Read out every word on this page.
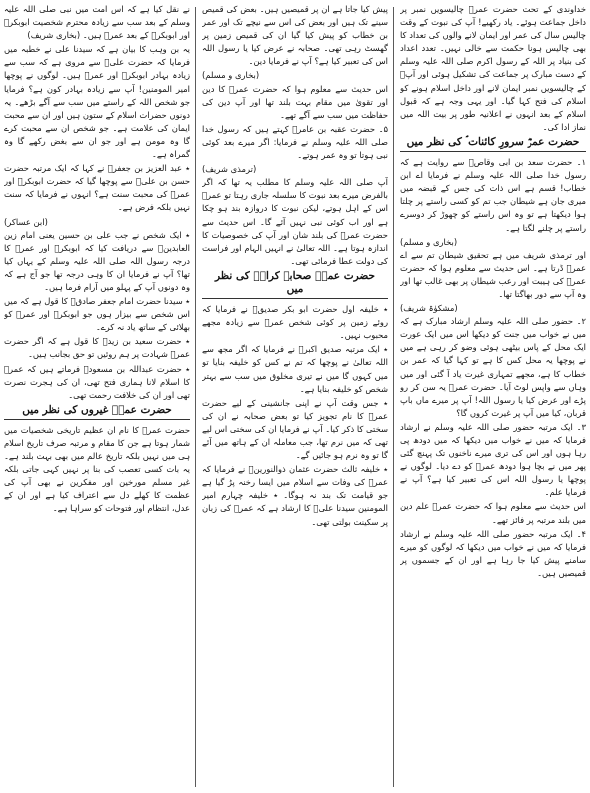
خداوندی کے تحت حضرت عمرؓ چالیسویں نمبر پر داخل جماعت ہوئے۔ یاد رکھیے! آپ کی نبوت کے وقت چالیس سال کی عمر اور ایمان لانے والوں کی تعداد کا بھی چالیس ہونا حکمت سے خالی نہیں۔ تعدد اعداد کی بنیاد پر اللہ کے رسول اکرم صلی اللہ علیہ وسلم کے دست مبارک پر جماعت کی تشکیل ہوئی اور آپؐ کے چالیسویں نمبر ایمان لانے اور داخل اسلام ہونے کو اسلام کی فتح کہا گیا۔ اور یہی وجہ ہے کہ قبول اسلام کے بعد انہوں نے اعلانیہ طور پر بیت اللہ میں نماز ادا کی۔

حضرت عمرؓ سرورِ کائنات ؐ کی نظر میں

۱۔ حضرت سعد بن ابی وقاصؓ سے روایت ہے کہ رسول خدا صلی اللہ علیہ وسلم نے فرمایا اے ابن خطاب! قسم ہے اس ذات کی جس کے قبضہ میں میری جان ہے شیطان جب تم کو کسی راستے پر چلتا ہوا دیکھتا ہے تو وہ اس راستے کو چھوڑ کر دوسرے راستے پر چلنے لگتا ہے۔

(بخاری و مسلم)

اور ترمذی شریف میں ہے تحقیق شیطان تم سے اے عمرؓ ڈرتا ہے۔ اس حدیث سے معلوم ہوا کہ حضرت عمرؓ کی ہیبت اور رعب شیطان پر بھی غالب تھا اور وہ آپ سے دور بھاگتا تھا۔

(مشکوٰۃ شریف)

۲۔ حضور صلی اللہ علیہ وسلم ارشاد مبارک ہے کہ میں نے خواب میں جنت کو دیکھا اس میں ایک عورت ایک محل کے پاس بیٹھی ہوئی وضو کر رہی ہے میں نے پوچھا یہ محل کس کا ہے تو کہا گیا کہ عمر بن خطاب کا ہے، مجھے تمہاری غیرت یاد آ گئی اور میں وہاں سے واپس لوٹ آیا۔ حضرت عمرؓ یہ سن کر رو پڑے اور عرض کیا یا رسول اللہ! آپ پر میرے ماں باپ قربان، کیا میں آپ پر غیرت کروں گا؟

۳۔ ایک مرتبہ حضور صلی اللہ علیہ وسلم نے ارشاد فرمایا کہ میں نے خواب میں دیکھا کہ میں دودھ پی رہا ہوں اور اس کی تری میرے ناخنوں تک پہنچ گئی پھر میں نے بچا ہوا دودھ عمرؓ کو دے دیا۔ لوگوں نے پوچھا یا رسول اللہ اس کی تعبیر کیا ہے؟ آپ نے فرمایا علم۔

اس حدیث سے معلوم ہوا کہ حضرت عمرؓ علم دین میں بلند مرتبہ پر فائز تھے۔

۴۔ ایک مرتبہ حضور صلی اللہ علیہ وسلم نے ارشاد فرمایا کہ میں نے خواب میں دیکھا کہ لوگوں کو میرے سامنے پیش کیا جا رہا ہے اور ان کے جسموں پر قمیصیں ہیں۔

پیش کیا جاتا ہے ان پر قمیصیں ہیں۔ بعض کی قمیص سینے تک ہیں اور بعض کی اس سے نیچے تک اور عمر بن خطاب کو پیش کیا گیا ان کی قمیص زمین پر گھسٹ رہی تھی۔ صحابہ نے عرض کیا یا رسول اللہ اس کی تعبیر کیا ہے؟ آپ نے فرمایا دین۔

(بخاری و مسلم)

اس حدیث سے معلوم ہوا کہ حضرت عمرؓ کا دین اور تقویٰ میں مقام بہت بلند تھا اور آپ دین کی حفاظت میں سب سے آگے تھے۔

۵۔ حضرت عقبہ بن عامرؓ کہتے ہیں کہ رسول خدا صلی اللہ علیہ وسلم نے فرمایا: اگر میرے بعد کوئی نبی ہوتا تو وہ عمر ہوتے۔

(ترمذی شریف)

آپ صلی اللہ علیہ وسلم کا مطلب یہ تھا کہ اگر بالفرض میرے بعد نبوت کا سلسلہ جاری رہتا تو عمرؓ اس کے اہل ہوتے، لیکن نبوت کا دروازہ بند ہو چکا ہے اور اب کوئی نبی نہیں آئے گا۔ اس حدیث سے حضرت عمرؓ کی بلند شان اور آپ کی خصوصیات کا اندازہ ہوتا ہے۔ اللہ تعالیٰ نے انہیں الہام اور فراست کی دولت عطا فرمائی تھی۔

حضرت عمرؓ صحابہ کرامؓ کی نظر میں

٭ خلیفہ اول حضرت ابو بکر صدیقؓ نے فرمایا کہ روئے زمین پر کوئی شخص عمرؓ سے زیادہ مجھے محبوب نہیں۔

٭ ایک مرتبہ صدیق اکبرؓ نے فرمایا کہ اگر مجھ سے اللہ تعالیٰ نے پوچھا کہ تم نے کس کو خلیفہ بنایا تو میں کہوں گا میں نے تیری مخلوق میں سب سے بہتر شخص کو خلیفہ بنایا ہے۔

٭ جس وقت آپ نے اپنی جانشینی کے لیے حضرت عمرؓ کا نام تجویز کیا تو بعض صحابہ نے ان کی سختی کا ذکر کیا۔ آپ نے فرمایا ان کی سختی اس لیے تھی کہ میں نرم تھا، جب معاملہ ان کے ہاتھ میں آئے گا تو وہ نرم ہو جائیں گے۔

٭ خلیفہ ثالث حضرت عثمان ذوالنورینؓ نے فرمایا کہ عمرؓ کی وفات سے اسلام میں ایسا رخنہ پڑ گیا ہے جو قیامت تک بند نہ ہوگا۔ ٭ خلیفہ چہارم امیر المومنین سیدنا علیؓ کا ارشاد ہے کہ عمرؓ کی زبان پر سکینت بولتی تھی۔

نے نقل کیا ہے کہ اس امت میں نبی صلی اللہ علیہ وسلم کے بعد سب سے زیادہ محترم شخصیت ابوبکرؓ اور ابوبکرؓ کے بعد عمرؓ ہیں۔ (بخاری شریف)

یہ بن وہب کا بیان ہے کہ سیدنا علی نے خطبہ میں فرمایا کہ حضرت علیؓ سے مروی ہے کہ سب سے زیادہ بہادر ابوبکرؓ اور عمرؓ ہیں۔ لوگوں نے پوچھا امیر المومنین! آپ سے زیادہ بہادر کون ہے؟ فرمایا جو شخص اللہ کے راستے میں سب سے آگے بڑھے۔ یہ دونوں حضرات اسلام کے ستون ہیں اور ان سے محبت ایمان کی علامت ہے۔ جو شخص ان سے محبت کرے گا وہ مومن ہے اور جو ان سے بغض رکھے گا وہ گمراہ ہے۔

٭ عبد العزیز بن جعفرؒ نے کہا کہ ایک مرتبہ حضرت حسن بن علیؓ سے پوچھا گیا کہ حضرت ابوبکرؓ اور عمرؓ کی محبت سنت ہے؟ انہوں نے فرمایا کہ سنت نہیں بلکہ فرض ہے۔

(ابن عساکر)

٭ ایک شخص نے جب علی بن حسین یعنی امام زین العابدینؒ سے دریافت کیا کہ ابوبکرؓ اور عمرؓ کا درجہ رسول اللہ صلی اللہ علیہ وسلم کے یہاں کیا تھا؟ آپ نے فرمایا ان کا وہی درجہ تھا جو آج ہے کہ وہ دونوں آپ کے پہلو میں آرام فرما ہیں۔

٭ سیدنا حضرت امام جعفر صادقؒ کا قول ہے کہ میں اس شخص سے بیزار ہوں جو ابوبکرؓ اور عمرؓ کو بھلائی کے ساتھ یاد نہ کرے۔

٭ حضرت سعید بن زیدؓ کا قول ہے کہ اگر حضرت عمرؓ شہادت پر ہم روئیں تو حق بجانب ہیں۔

٭ حضرت عبداللہ بن مسعودؓ فرماتے ہیں کہ عمرؓ کا اسلام لانا ہماری فتح تھی، ان کی ہجرت نصرت تھی اور ان کی خلافت رحمت تھی۔

حضرت عمرؓ غیروں کی نظر میں

حضرت عمرؓ کا نام ان عظیم تاریخی شخصیات میں شمار ہوتا ہے جن کا مقام و مرتبہ صرف تاریخ اسلام ہی میں نہیں بلکہ تاریخ عالم میں بھی بہت بلند ہے۔ یہ بات کسی تعصب کی بنا پر نہیں کہی جاتی بلکہ غیر مسلم مورخین اور مفکرین نے بھی آپ کی عظمت کا کھلے دل سے اعتراف کیا ہے اور ان کے عدل، انتظام اور فتوحات کو سراہا ہے۔
